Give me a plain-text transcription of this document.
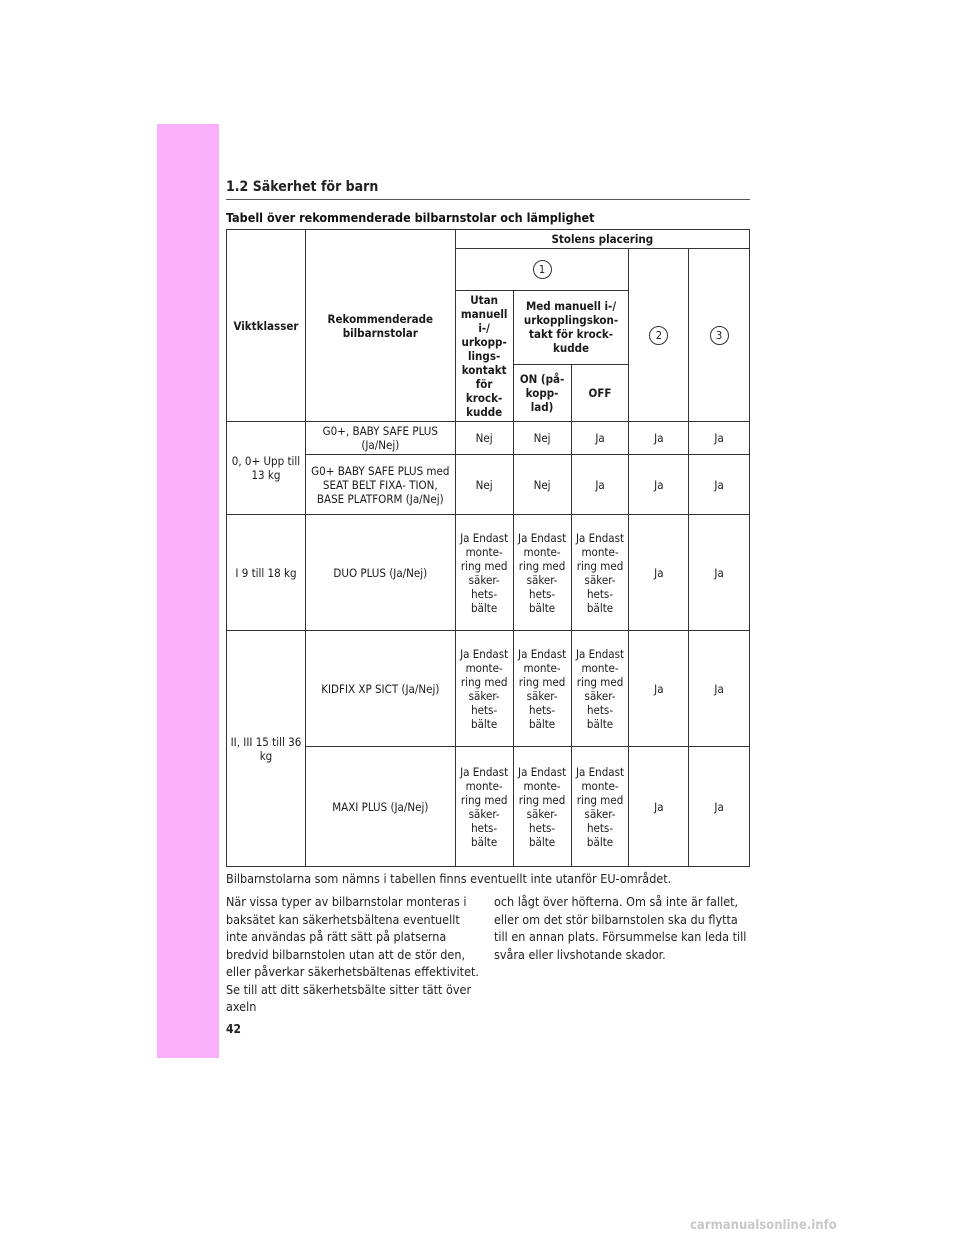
1.2 Säkerhet för barn
Tabell över rekommenderade bilbarnstolar och lämplighet
Viktklasser	Rekommenderade bilbarnstolar	Stolens placering				
		1			2	3
		Utan manuell i-/ urkopp- lings- kontakt för krock- kudde	Med manuell i-/ urkopplingskon- takt för krock- kudde			
			ON (på- kopp- lad)	OFF		
0, 0+ Upp till 13 kg	G0+, BABY SAFE PLUS (Ja/Nej)	Nej	Nej	Ja	Ja	Ja
	G0+ BABY SAFE PLUS med SEAT BELT FIXA- TION, BASE PLATFORM (Ja/Nej)	Nej	Nej	Ja	Ja	Ja
I 9 till 18 kg	DUO PLUS (Ja/Nej)	Ja Endast monte- ring med säker- hets- bälte	Ja Endast monte- ring med säker- hets- bälte	Ja Endast monte- ring med säker- hets- bälte	Ja	Ja
II, III 15 till 36 kg	KIDFIX XP SICT (Ja/Nej)	Ja Endast monte- ring med säker- hets- bälte	Ja Endast monte- ring med säker- hets- bälte	Ja Endast monte- ring med säker- hets- bälte	Ja	Ja
	MAXI PLUS (Ja/Nej)	Ja Endast monte- ring med säker- hets- bälte	Ja Endast monte- ring med säker- hets- bälte	Ja Endast monte- ring med säker- hets- bälte	Ja	Ja
Bilbarnstolarna som nämns i tabellen finns eventuellt inte utanför EU-området.
När vissa typer av bilbarnstolar monteras i baksätet kan säkerhetsbältena eventuellt inte användas på rätt sätt på platserna bredvid bilbarnstolen utan att de stör den, eller påverkar säkerhetsbältenas effektivitet. Se till att ditt säkerhetsbälte sitter tätt över axeln
och lågt över höfterna. Om så inte är fallet, eller om det stör bilbarnstolen ska du flytta till en annan plats. Försummelse kan leda till svåra eller livshotande skador.
42
carmanualsonline.info
